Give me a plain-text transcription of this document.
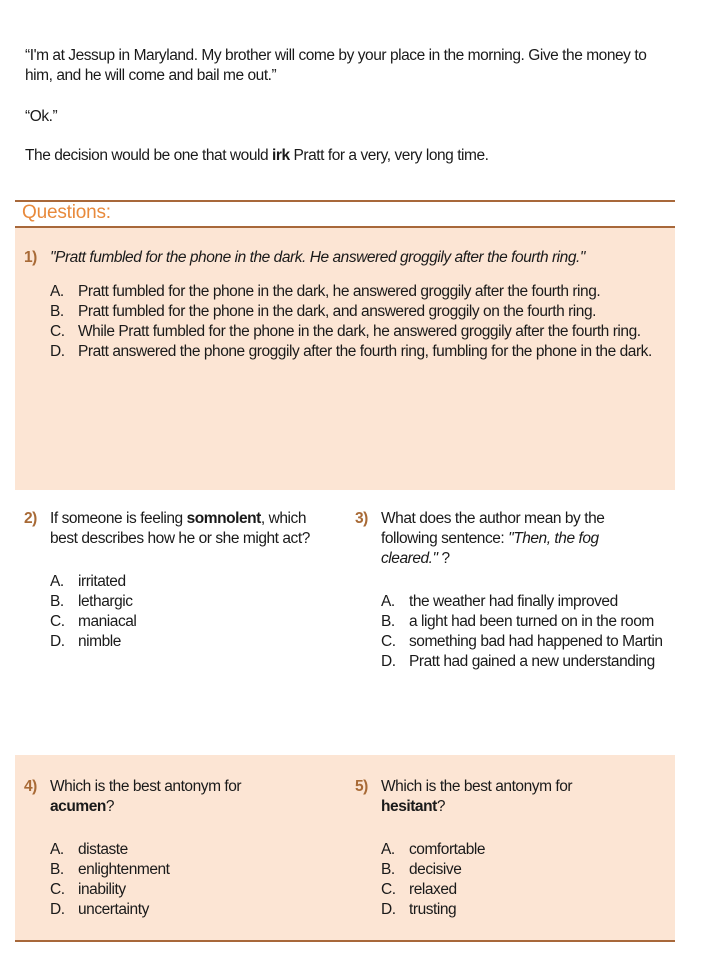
“I'm at Jessup in Maryland. My brother will come by your place in the morning. Give the money to him, and he will come and bail me out.”
“Ok.”
The decision would be one that would irk Pratt for a very, very long time.
Questions:
1) "Pratt fumbled for the phone in the dark. He answered groggily after the fourth ring."
A. Pratt fumbled for the phone in the dark, he answered groggily after the fourth ring.
B. Pratt fumbled for the phone in the dark, and answered groggily on the fourth ring.
C. While Pratt fumbled for the phone in the dark, he answered groggily after the fourth ring.
D. Pratt answered the phone groggily after the fourth ring, fumbling for the phone in the dark.
2) If someone is feeling somnolent, which best describes how he or she might act?
A. irritated
B. lethargic
C. maniacal
D. nimble
3) What does the author mean by the following sentence: "Then, the fog cleared." ?
A. the weather had finally improved
B. a light had been turned on in the room
C. something bad had happened to Martin
D. Pratt had gained a new understanding
4) Which is the best antonym for acumen?
A. distaste
B. enlightenment
C. inability
D. uncertainty
5) Which is the best antonym for hesitant?
A. comfortable
B. decisive
C. relaxed
D. trusting
